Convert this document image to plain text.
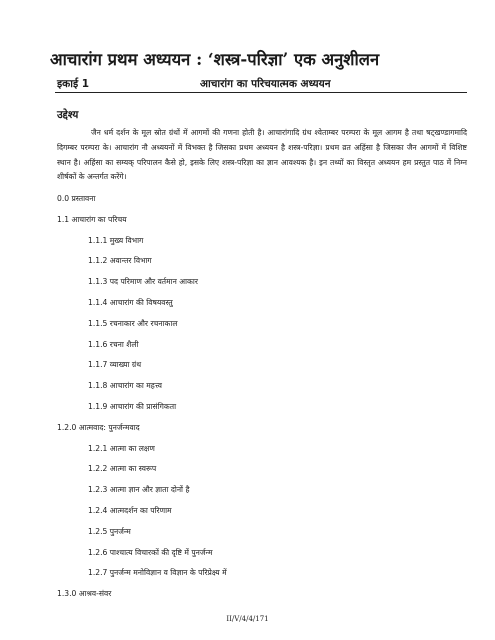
आचारांग प्रथम अध्ययन : ‘शस्त्र-परिज्ञा’ एक अनुशीलन
इकाई 1	आचारांग का परिचयात्मक अध्ययन
उद्देश्य
जैन धर्म दर्शन के मूल स्रोत ग्रंथों में आगमों की गणना होती है। आचारांगादि ग्रंथ श्वेताम्बर परम्परा के मूल आगम है तथा षट्खण्डागमादि दिगम्बर परम्परा के। आचारांग नौ अध्ययनों में विभक्त है जिसका प्रथम अध्ययन है शस्त्र-परिज्ञा। प्रथम व्रत अहिंसा है जिसका जैन आगमों में विशिष्ट स्थान है। अहिंसा का सम्यक् परिपालन कैसे हो, इसके लिए शस्त्र-परिज्ञा का ज्ञान आवश्यक है। इन तथ्यों का विस्तृत अध्ययन हम प्रस्तुत पाठ में निम्न शीर्षकों के अन्तर्गत करेंगे।
0.0 प्रस्तावना
1.1 आचारांग का परिचय
1.1.1 मुख्य विभाग
1.1.2 अवान्तर विभाग
1.1.3 पद परिमाण और वर्तमान आकार
1.1.4 आचारांग की विषयवस्तु
1.1.5 रचनाकार और रचनाकाल
1.1.6 रचना शैली
1.1.7 व्याख्या ग्रंथ
1.1.8 आचारांग का महत्त्व
1.1.9 आचारांग की प्रासंगिकता
1.2.0 आत्मवाद: पुनर्जन्मवाद
1.2.1 आत्मा का लक्षण
1.2.2 आत्मा का स्वरूप
1.2.3 आत्मा ज्ञान और ज्ञाता दोनों है
1.2.4 आत्मदर्शन का परिणाम
1.2.5 पुनर्जन्म
1.2.6 पाश्चात्य विचारकों की दृष्टि में पुनर्जन्म
1.2.7 पुनर्जन्म मनोविज्ञान व विज्ञान के परिप्रेक्ष्य में
1.3.0 आश्रव-संवर
II/V/4/4/171
